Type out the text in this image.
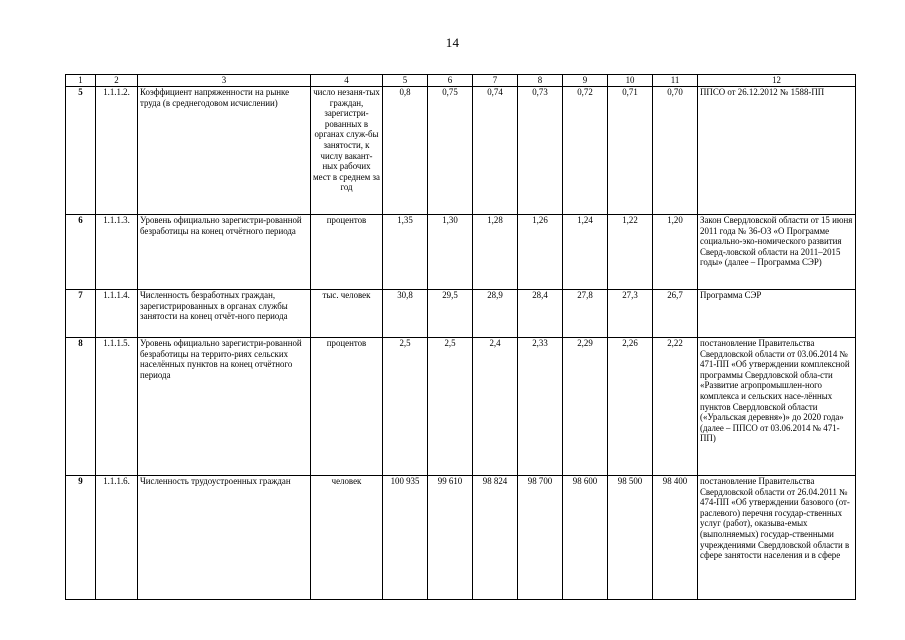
14
1	2	3	4	5	6	7	8	9	10	11	12
5	1.1.1.2.	Коэффициент напряженности на рынке труда (в среднегодовом исчислении)	число незаня-тых граждан, зарегистри-рованных в органах служ-бы занятости, к числу вакант-ных рабочих мест в среднем за год	0,8	0,75	0,74	0,73	0,72	0,71	0,70	ППСО от 26.12.2012 № 1588-ПП
6	1.1.1.3.	Уровень официально зарегистри-рованной безработицы на конец отчётного периода	процентов	1,35	1,30	1,28	1,26	1,24	1,22	1,20	Закон Свердловской области от 15 июня 2011 года № 36-ОЗ «О Программе социально-эко-номического развития Сверд-ловской области на 2011–2015 годы» (далее – Программа СЭР)
7	1.1.1.4.	Численность безработных граждан, зарегистрированных в органах службы занятости на конец отчёт-ного периода	тыс. человек	30,8	29,5	28,9	28,4	27,8	27,3	26,7	Программа СЭР
8	1.1.1.5.	Уровень официально зарегистри-рованной безработицы на террито-риях сельских населённых пунктов на конец отчётного периода	процентов	2,5	2,5	2,4	2,33	2,29	2,26	2,22	постановление Правительства Свердловской области от 03.06.2014 № 471-ПП «Об утверждении комплексной программы Свердловской обла-сти «Развитие агропромышлен-ного комплекса и сельских насе-лённых пунктов Свердловской области («Уральская деревня»)» до 2020 года» (далее – ППСО от 03.06.2014 № 471-ПП)
9	1.1.1.6.	Численность трудоустроенных граждан	человек	100 935	99 610	98 824	98 700	98 600	98 500	98 400	постановление Правительства Свердловской области от 26.04.2011 № 474-ПП «Об утверждении базового (от-раслевого) перечня государ-ственных услуг (работ), оказыва-емых (выполняемых) государ-ственными учреждениями Свердловской области в сфере занятости населения и в сфере
